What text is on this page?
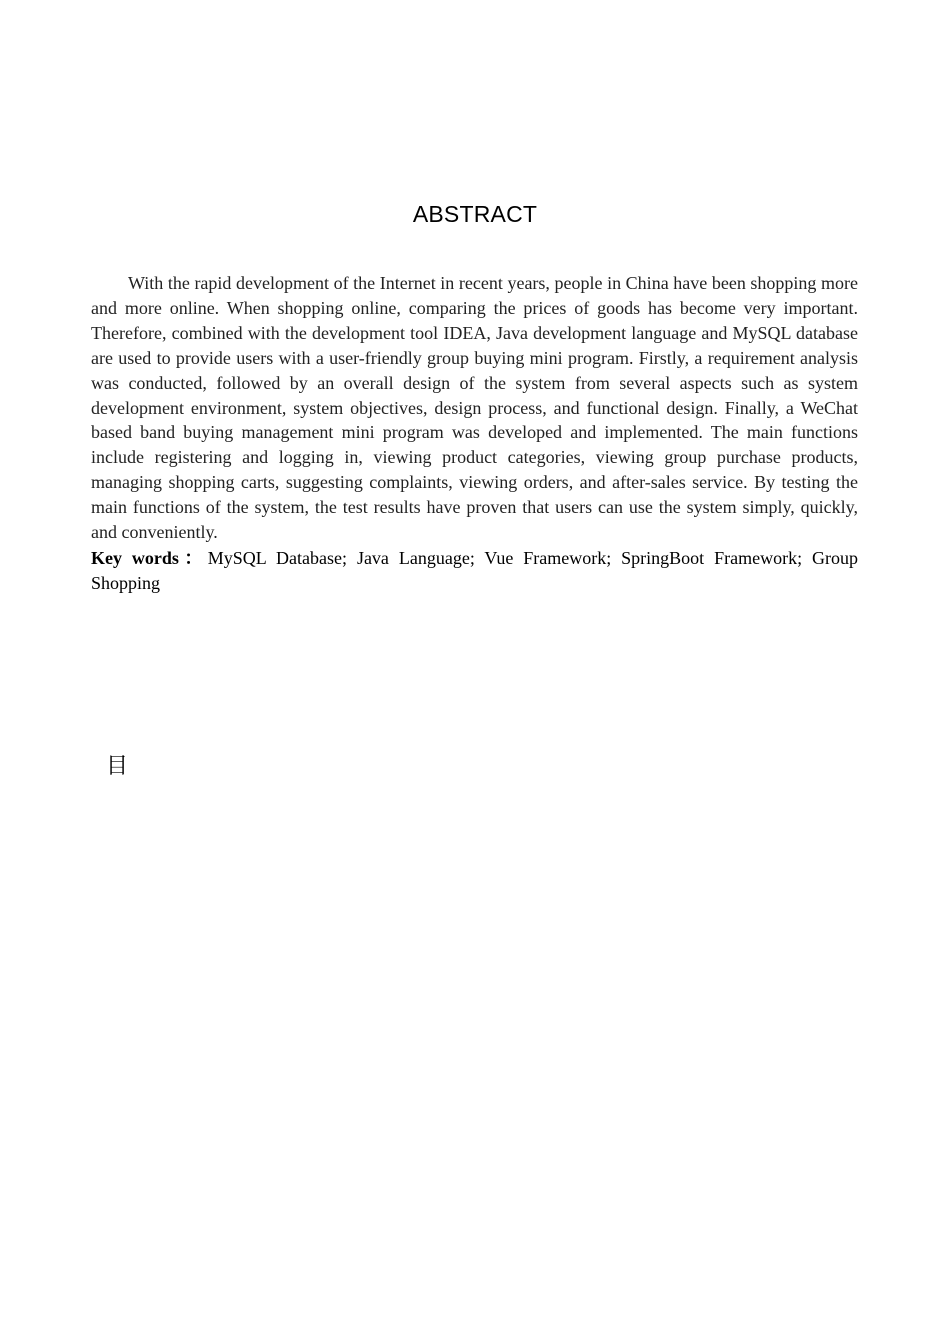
ABSTRACT

With the rapid development of the Internet in recent years, people in China have been shopping more and more online. When shopping online, comparing the prices of goods has become very important. Therefore, combined with the development tool IDEA, Java development language and MySQL database are used to provide users with a user-friendly group buying mini program. Firstly, a requirement analysis was conducted, followed by an overall design of the system from several aspects such as system development environment, system objectives, design process, and functional design. Finally, a WeChat based band buying management mini program was developed and implemented. The main functions include registering and logging in, viewing product categories, viewing group purchase products, managing shopping carts, suggesting complaints, viewing orders, and after-sales service. By testing the main functions of the system, the test results have proven that users can use the system simply, quickly, and conveniently.

Key words：MySQL Database; Java Language; Vue Framework; SpringBoot Framework; Group Shopping

目
